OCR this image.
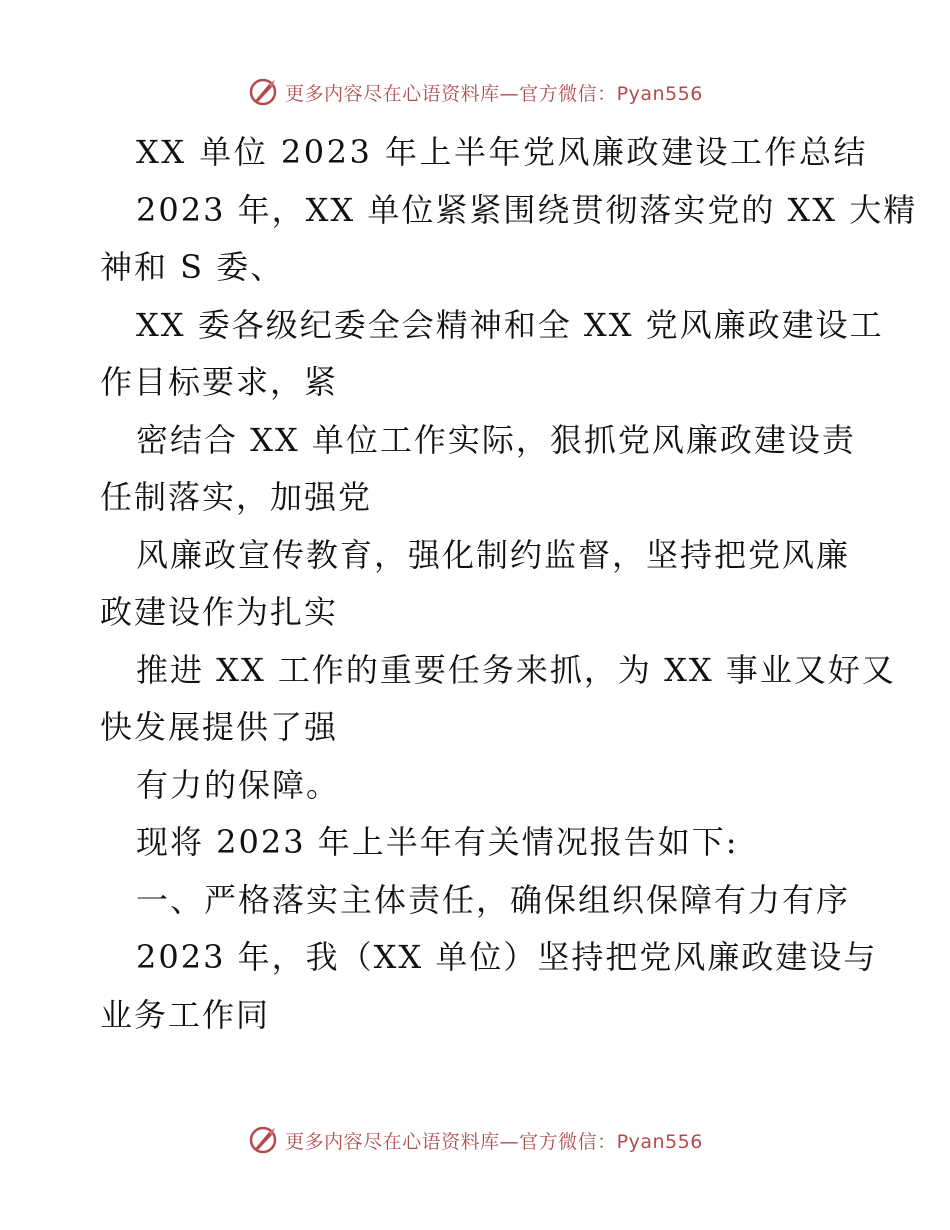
更多内容尽在心语资料库—官方微信：Pyan556
XX 单位 2023 年上半年党风廉政建设工作总结
2023 年，XX 单位紧紧围绕贯彻落实党的 XX 大精
神和 S 委、
XX 委各级纪委全会精神和全 XX 党风廉政建设工
作目标要求，紧
密结合 XX 单位工作实际，狠抓党风廉政建设责
任制落实，加强党
风廉政宣传教育，强化制约监督，坚持把党风廉
政建设作为扎实
推进 XX 工作的重要任务来抓，为 XX 事业又好又
快发展提供了强
有力的保障。
现将 2023 年上半年有关情况报告如下:
一、严格落实主体责任，确保组织保障有力有序
2023 年，我（XX 单位）坚持把党风廉政建设与
业务工作同
更多内容尽在心语资料库—官方微信：Pyan556
